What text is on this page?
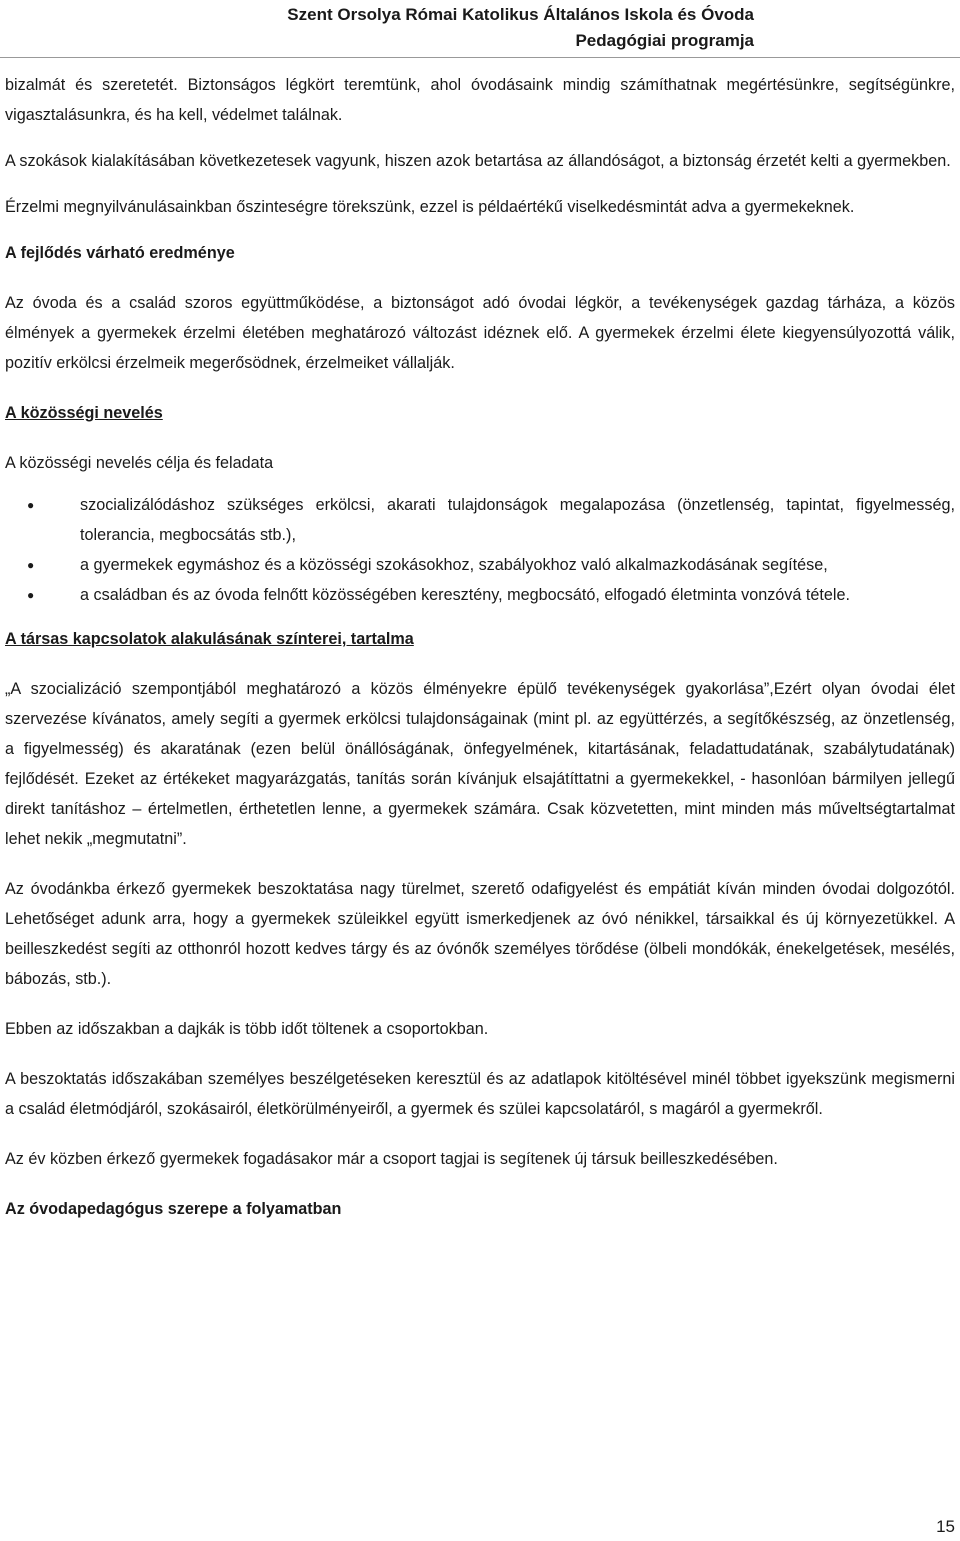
Szent Orsolya Római Katolikus Általános Iskola és Óvoda
Pedagógiai programja

bizalmát és szeretetét. Biztonságos légkört teremtünk, ahol óvodásaink mindig számíthatnak megértésünkre, segítségünkre, vigasztalásunkra, és ha kell, védelmet találnak.

A szokások kialakításában következetesek vagyunk, hiszen azok betartása az állandóságot, a biztonság érzetét kelti a gyermekben.

Érzelmi megnyilvánulásainkban őszinteségre törekszünk, ezzel is példaértékű viselkedésmintát adva a gyermekeknek.

A fejlődés várható eredménye

Az óvoda és a család szoros együttműködése, a biztonságot adó óvodai légkör, a tevékenységek gazdag tárháza, a közös élmények a gyermekek érzelmi életében meghatározó változást idéznek elő. A gyermekek érzelmi élete kiegyensúlyozottá válik, pozitív erkölcsi érzelmeik megerősödnek, érzelmeiket vállalják.

A közösségi nevelés

A közösségi nevelés célja és feladata

●	szocializálódáshoz szükséges erkölcsi, akarati tulajdonságok megalapozása (önzetlenség, tapintat, figyelmesség, tolerancia, megbocsátás stb.),
●	a gyermekek egymáshoz és a közösségi szokásokhoz, szabályokhoz való alkalmazkodásának segítése,
●	a családban és az óvoda felnőtt közösségében keresztény, megbocsátó, elfogadó életminta vonzóvá tétele.

A társas kapcsolatok alakulásának színterei, tartalma

„A szocializáció szempontjából meghatározó a közös élményekre épülő tevékenységek gyakorlása”,Ezért olyan óvodai élet szervezése kívánatos, amely segíti a gyermek erkölcsi tulajdonságainak (mint pl. az együttérzés, a segítőkészség, az önzetlenség, a figyelmesség) és akaratának (ezen belül önállóságának, önfegyelmének, kitartásának, feladattudatának, szabálytudatának) fejlődését. Ezeket az értékeket magyarázgatás, tanítás során kívánjuk elsajátíttatni a gyermekekkel, - hasonlóan bármilyen jellegű direkt tanításhoz – értelmetlen, érthetetlen lenne, a gyermekek számára. Csak közvetetten, mint minden más műveltségtartalmat lehet nekik „megmutatni”.

Az óvodánkba érkező gyermekek beszoktatása nagy türelmet, szerető odafigyelést és empátiát kíván minden óvodai dolgozótól. Lehetőséget adunk arra, hogy a gyermekek szüleikkel együtt ismerkedjenek az óvó nénikkel, társaikkal és új környezetükkel. A beilleszkedést segíti az otthonról hozott kedves tárgy és az óvónők személyes törődése (ölbeli mondókák, énekelgetések, mesélés, bábozás, stb.).

Ebben az időszakban a dajkák is több időt töltenek a csoportokban.

A beszoktatás időszakában személyes beszélgetéseken keresztül és az adatlapok kitöltésével minél többet igyekszünk megismerni a család életmódjáról, szokásairól, életkörülményeiről, a gyermek és szülei kapcsolatáról, s magáról a gyermekről.

Az év közben érkező gyermekek fogadásakor már a csoport tagjai is segítenek új társuk beilleszkedésében.

Az óvodapedagógus szerepe a folyamatban

15
